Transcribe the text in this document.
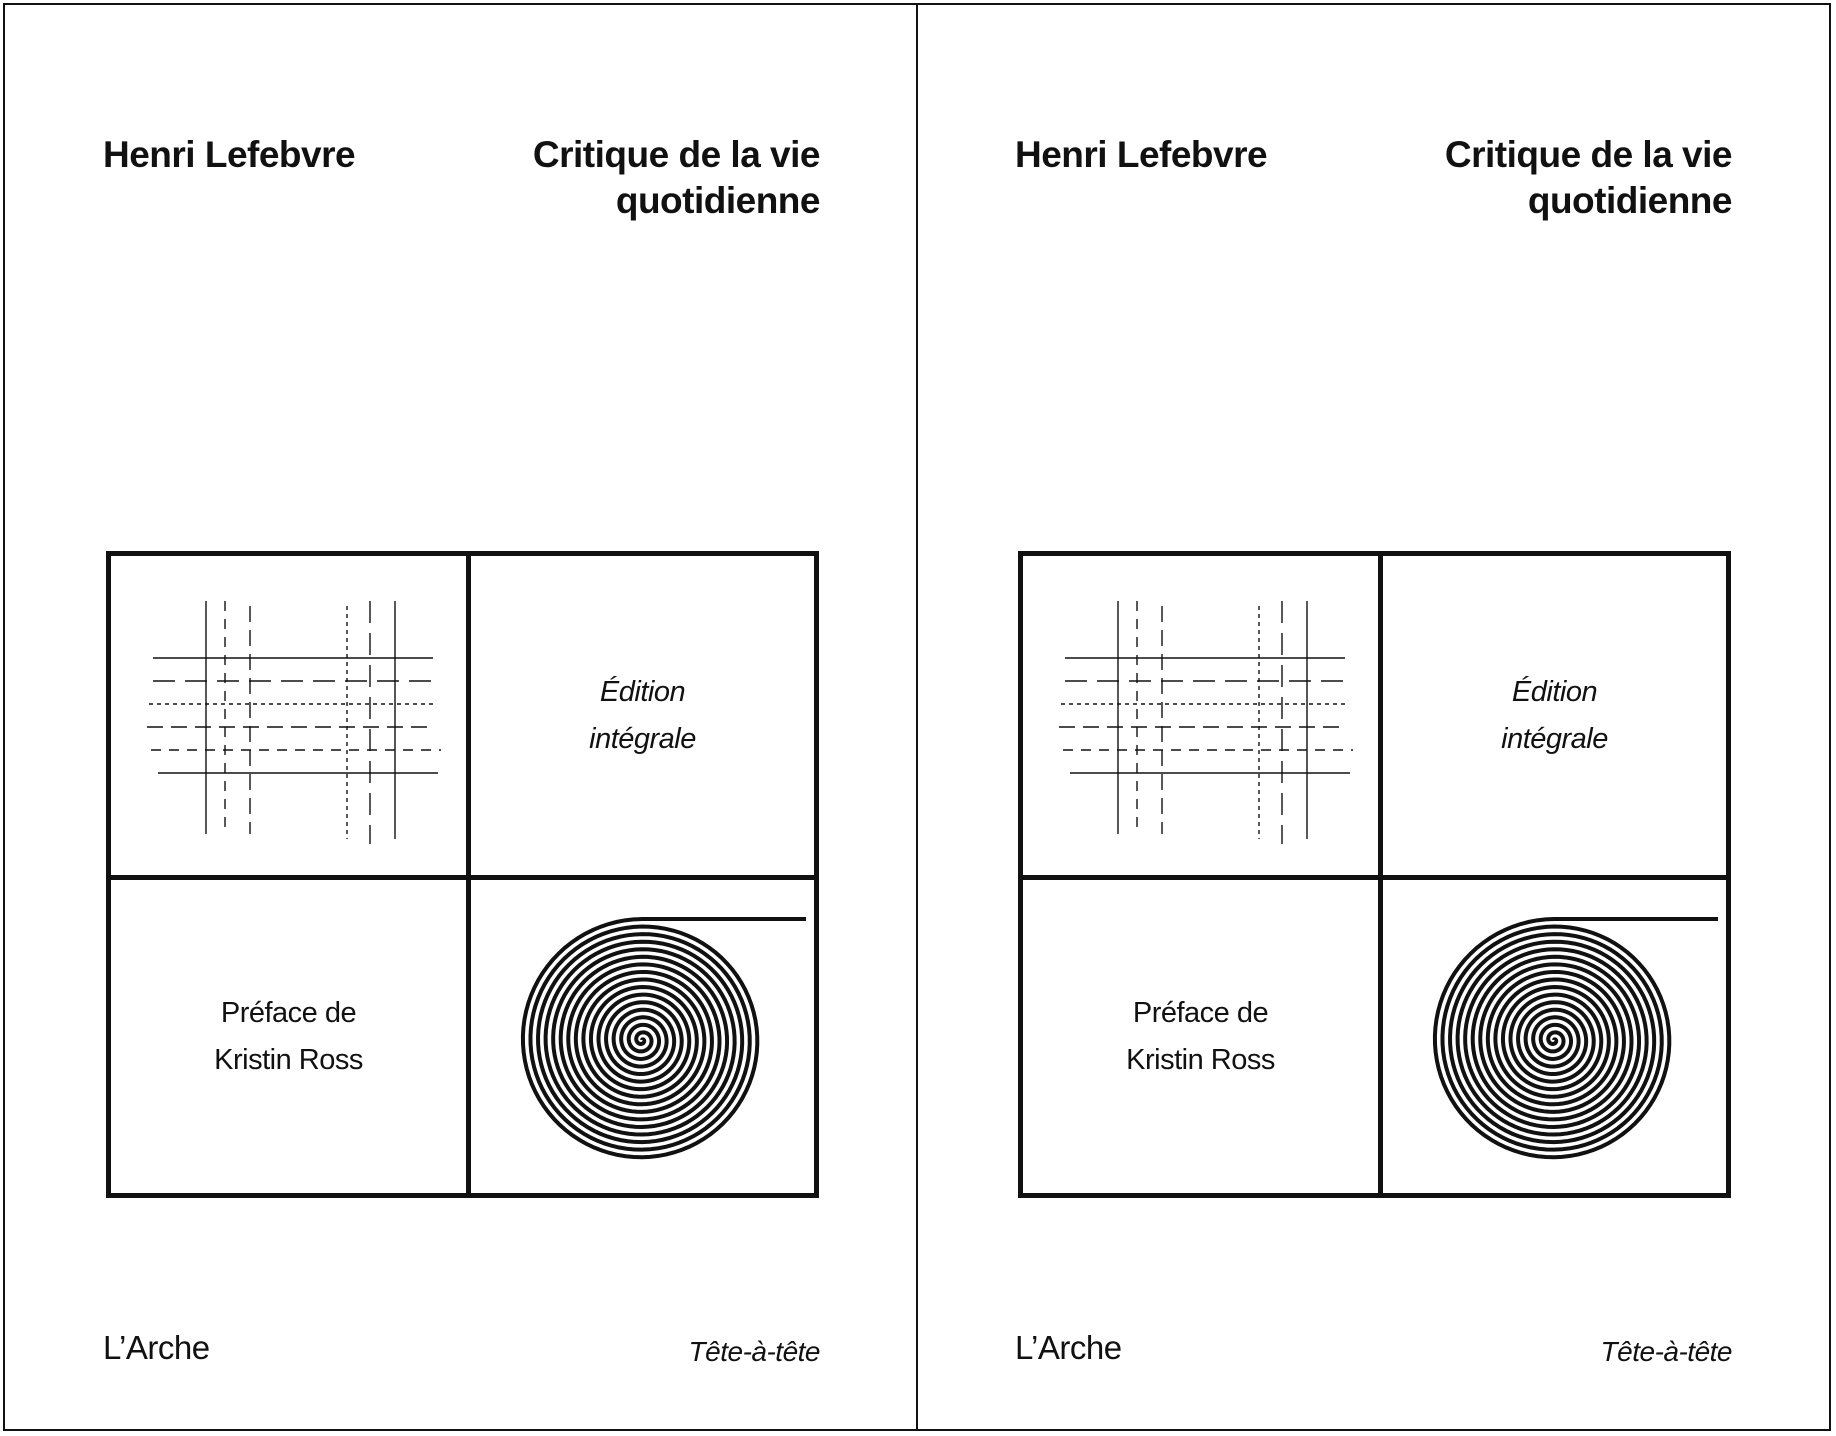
Henri Lefebvre	Critique de la vie
quotidienne

Édition
intégrale
Préface de
Kristin Ross
L’Arche	Tête-à-tête

Henri Lefebvre	Critique de la vie
quotidienne

Édition
intégrale
Préface de
Kristin Ross
L’Arche	Tête-à-tête
